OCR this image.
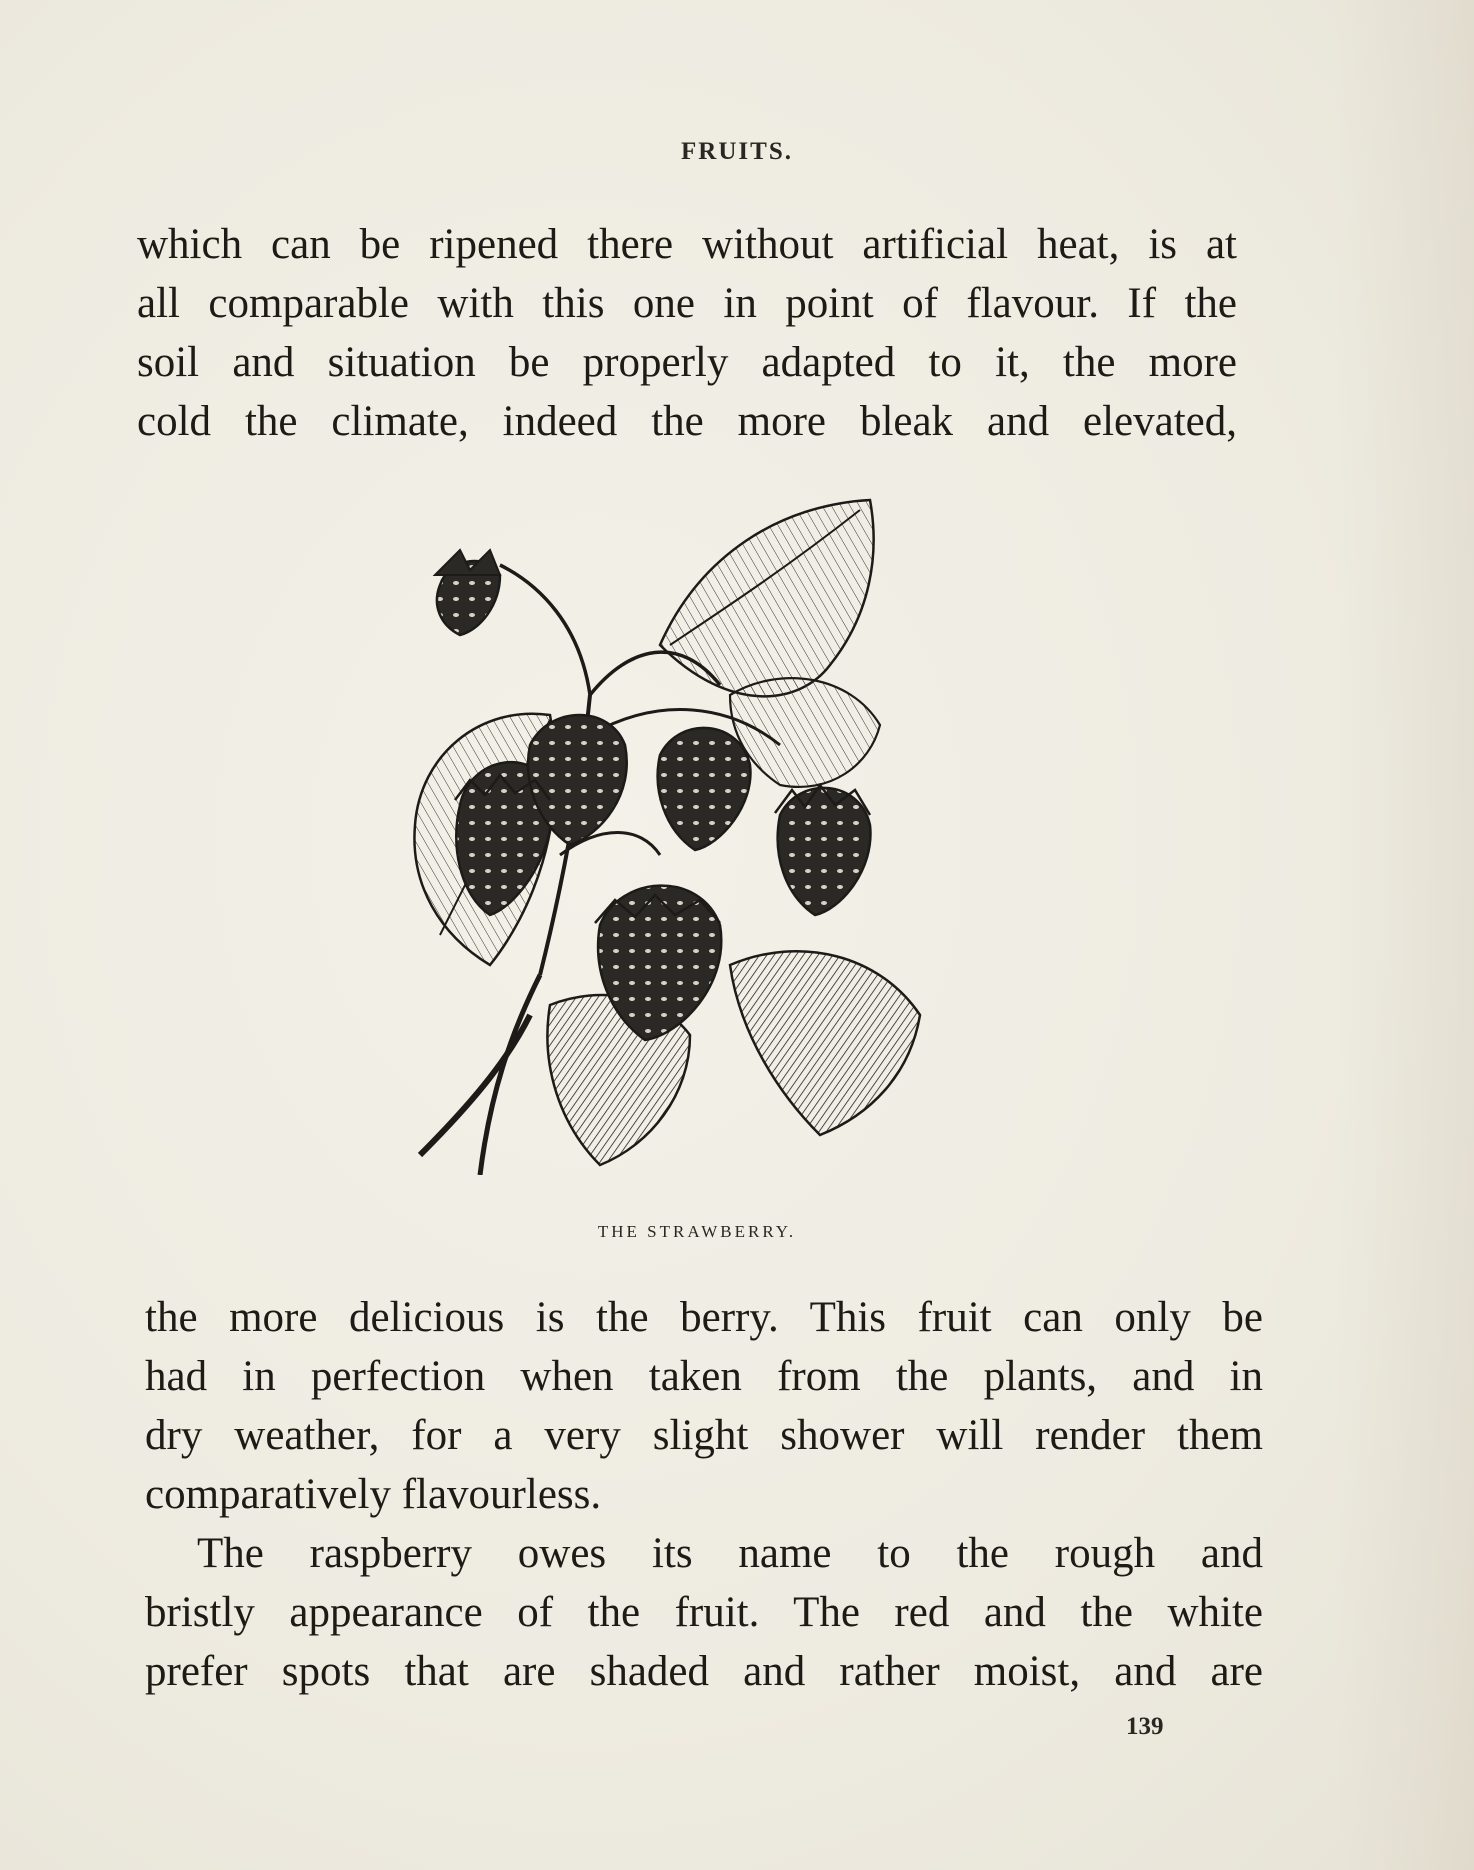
FRUITS.
which can be ripened there without artificial heat, is at
all comparable with this one in point of flavour. If the
soil and situation be properly adapted to it, the more
cold the climate, indeed the more bleak and elevated,
THE STRAWBERRY.
the more delicious is the berry. This fruit can only be
had in perfection when taken from the plants, and in
dry weather, for a very slight shower will render them
comparatively flavourless.
The raspberry owes its name to the rough and
bristly appearance of the fruit. The red and the white
prefer spots that are shaded and rather moist, and are
139
